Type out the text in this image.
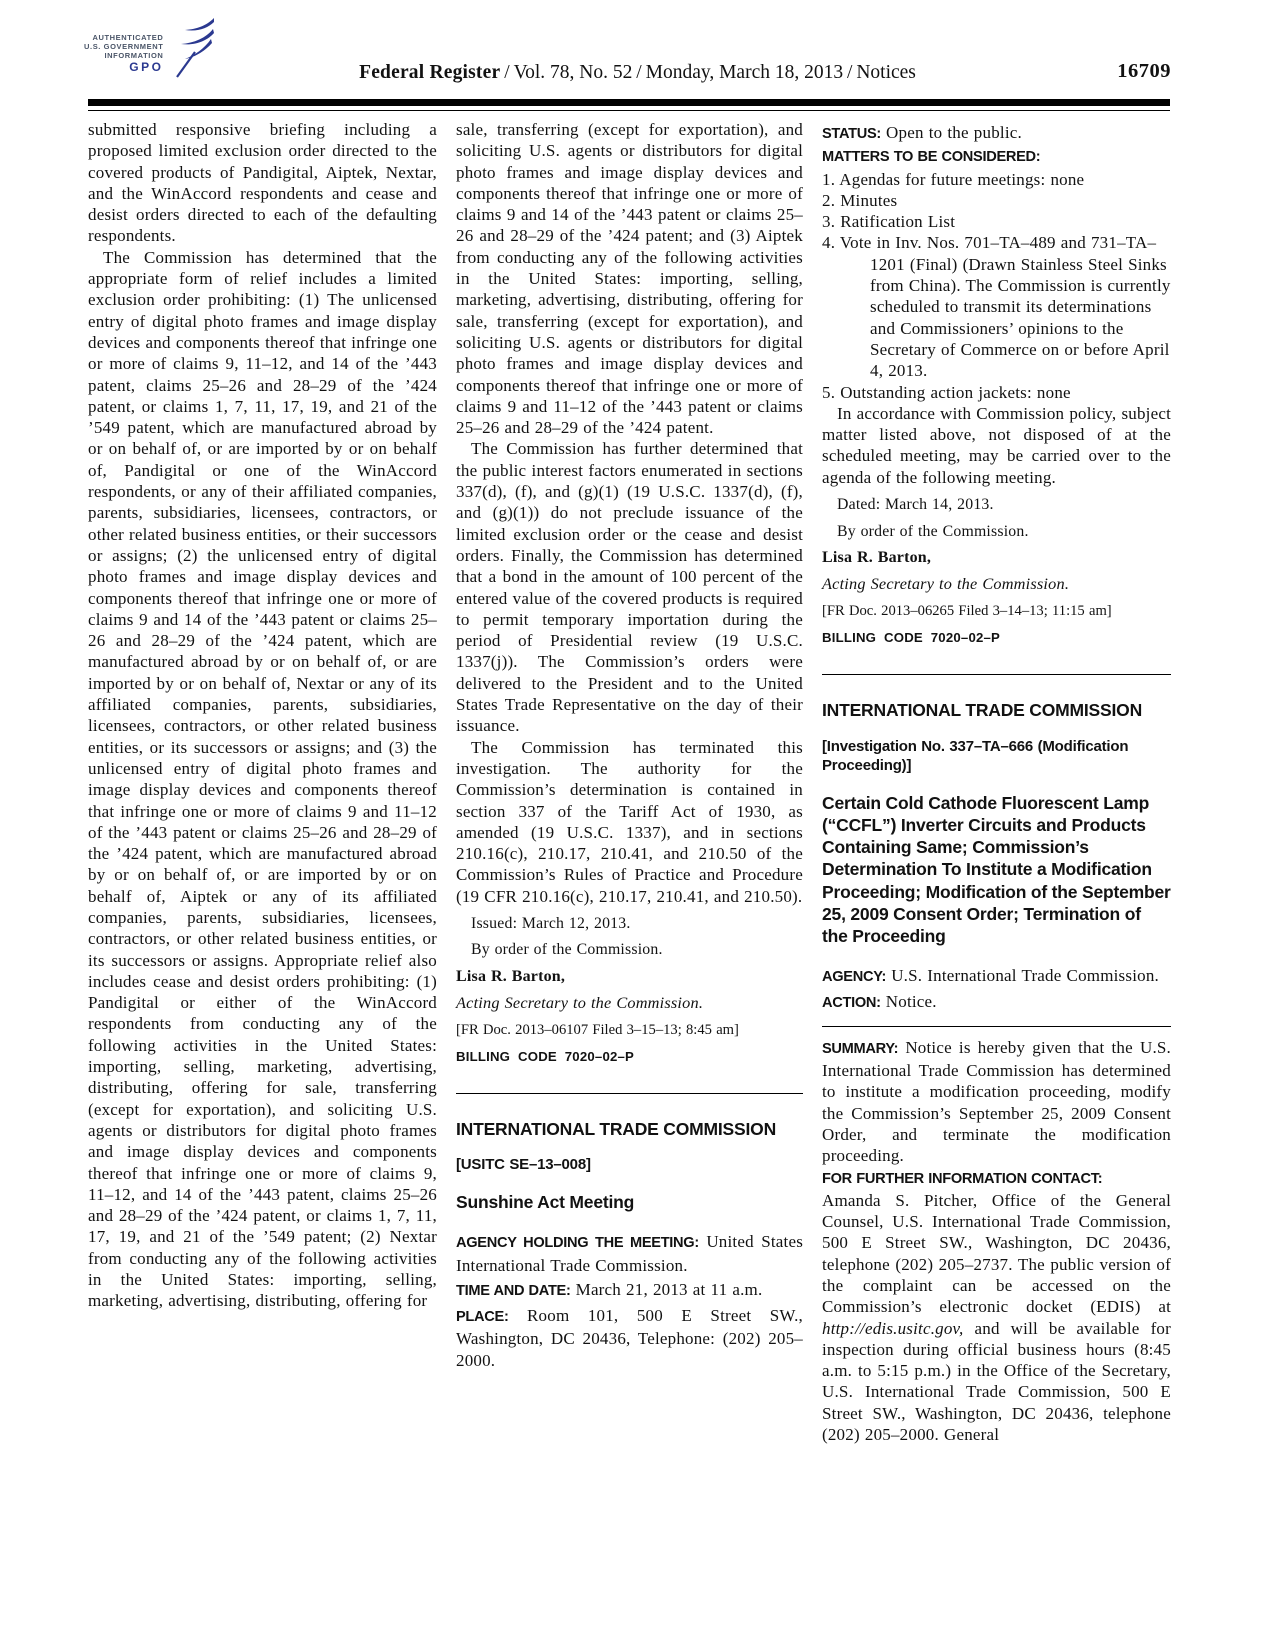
AUTHENTICATED
U.S. GOVERNMENT
INFORMATION
GPO	Federal Register / Vol. 78, No. 52 / Monday, March 18, 2013 / Notices	16709

submitted responsive briefing including a proposed limited exclusion order directed to the covered products of Pandigital, Aiptek, Nextar, and the WinAccord respondents and cease and desist orders directed to each of the defaulting respondents.

The Commission has determined that the appropriate form of relief includes a limited exclusion order prohibiting: (1) The unlicensed entry of digital photo frames and image display devices and components thereof that infringe one or more of claims 9, 11–12, and 14 of the ’443 patent, claims 25–26 and 28–29 of the ’424 patent, or claims 1, 7, 11, 17, 19, and 21 of the ’549 patent, which are manufactured abroad by or on behalf of, or are imported by or on behalf of, Pandigital or one of the WinAccord respondents, or any of their affiliated companies, parents, subsidiaries, licensees, contractors, or other related business entities, or their successors or assigns; (2) the unlicensed entry of digital photo frames and image display devices and components thereof that infringe one or more of claims 9 and 14 of the ’443 patent or claims 25–26 and 28–29 of the ’424 patent, which are manufactured abroad by or on behalf of, or are imported by or on behalf of, Nextar or any of its affiliated companies, parents, subsidiaries, licensees, contractors, or other related business entities, or its successors or assigns; and (3) the unlicensed entry of digital photo frames and image display devices and components thereof that infringe one or more of claims 9 and 11–12 of the ’443 patent or claims 25–26 and 28–29 of the ’424 patent, which are manufactured abroad by or on behalf of, or are imported by or on behalf of, Aiptek or any of its affiliated companies, parents, subsidiaries, licensees, contractors, or other related business entities, or its successors or assigns. Appropriate relief also includes cease and desist orders prohibiting: (1) Pandigital or either of the WinAccord respondents from conducting any of the following activities in the United States: importing, selling, marketing, advertising, distributing, offering for sale, transferring (except for exportation), and soliciting U.S. agents or distributors for digital photo frames and image display devices and components thereof that infringe one or more of claims 9, 11–12, and 14 of the ’443 patent, claims 25–26 and 28–29 of the ’424 patent, or claims 1, 7, 11, 17, 19, and 21 of the ’549 patent; (2) Nextar from conducting any of the following activities in the United States: importing, selling, marketing, advertising, distributing, offering for

sale, transferring (except for exportation), and soliciting U.S. agents or distributors for digital photo frames and image display devices and components thereof that infringe one or more of claims 9 and 14 of the ’443 patent or claims 25–26 and 28–29 of the ’424 patent; and (3) Aiptek from conducting any of the following activities in the United States: importing, selling, marketing, advertising, distributing, offering for sale, transferring (except for exportation), and soliciting U.S. agents or distributors for digital photo frames and image display devices and components thereof that infringe one or more of claims 9 and 11–12 of the ’443 patent or claims 25–26 and 28–29 of the ’424 patent.

The Commission has further determined that the public interest factors enumerated in sections 337(d), (f), and (g)(1) (19 U.S.C. 1337(d), (f), and (g)(1)) do not preclude issuance of the limited exclusion order or the cease and desist orders. Finally, the Commission has determined that a bond in the amount of 100 percent of the entered value of the covered products is required to permit temporary importation during the period of Presidential review (19 U.S.C. 1337(j)). The Commission’s orders were delivered to the President and to the United States Trade Representative on the day of their issuance.

The Commission has terminated this investigation. The authority for the Commission’s determination is contained in section 337 of the Tariff Act of 1930, as amended (19 U.S.C. 1337), and in sections 210.16(c), 210.17, 210.41, and 210.50 of the Commission’s Rules of Practice and Procedure (19 CFR 210.16(c), 210.17, 210.41, and 210.50).

Issued: March 12, 2013.

By order of the Commission.

Lisa R. Barton,

Acting Secretary to the Commission.

[FR Doc. 2013–06107 Filed 3–15–13; 8:45 am]

BILLING CODE 7020–02–P

INTERNATIONAL TRADE COMMISSION

[USITC SE–13–008]

Sunshine Act Meeting

AGENCY HOLDING THE MEETING: United States International Trade Commission.

TIME AND DATE: March 21, 2013 at 11 a.m.

PLACE: Room 101, 500 E Street SW., Washington, DC 20436, Telephone: (202) 205–2000.

STATUS: Open to the public.

MATTERS TO BE CONSIDERED:

1. Agendas for future meetings: none

2. Minutes

3. Ratification List

4. Vote in Inv. Nos. 701–TA–489 and 731–TA–1201 (Final) (Drawn Stainless Steel Sinks from China). The Commission is currently scheduled to transmit its determinations and Commissioners’ opinions to the Secretary of Commerce on or before April 4, 2013.

5. Outstanding action jackets: none

In accordance with Commission policy, subject matter listed above, not disposed of at the scheduled meeting, may be carried over to the agenda of the following meeting.

Dated: March 14, 2013.

By order of the Commission.

Lisa R. Barton,

Acting Secretary to the Commission.

[FR Doc. 2013–06265 Filed 3–14–13; 11:15 am]

BILLING CODE 7020–02–P

INTERNATIONAL TRADE COMMISSION

[Investigation No. 337–TA–666 (Modification Proceeding)]

Certain Cold Cathode Fluorescent Lamp (“CCFL”) Inverter Circuits and Products Containing Same; Commission’s Determination To Institute a Modification Proceeding; Modification of the September 25, 2009 Consent Order; Termination of the Proceeding

AGENCY: U.S. International Trade Commission.

ACTION: Notice.

SUMMARY: Notice is hereby given that the U.S. International Trade Commission has determined to institute a modification proceeding, modify the Commission’s September 25, 2009 Consent Order, and terminate the modification proceeding.

FOR FURTHER INFORMATION CONTACT:

Amanda S. Pitcher, Office of the General Counsel, U.S. International Trade Commission, 500 E Street SW., Washington, DC 20436, telephone (202) 205–2737. The public version of the complaint can be accessed on the Commission’s electronic docket (EDIS) at http://edis.usitc.gov, and will be available for inspection during official business hours (8:45 a.m. to 5:15 p.m.) in the Office of the Secretary, U.S. International Trade Commission, 500 E Street SW., Washington, DC 20436, telephone (202) 205–2000. General
